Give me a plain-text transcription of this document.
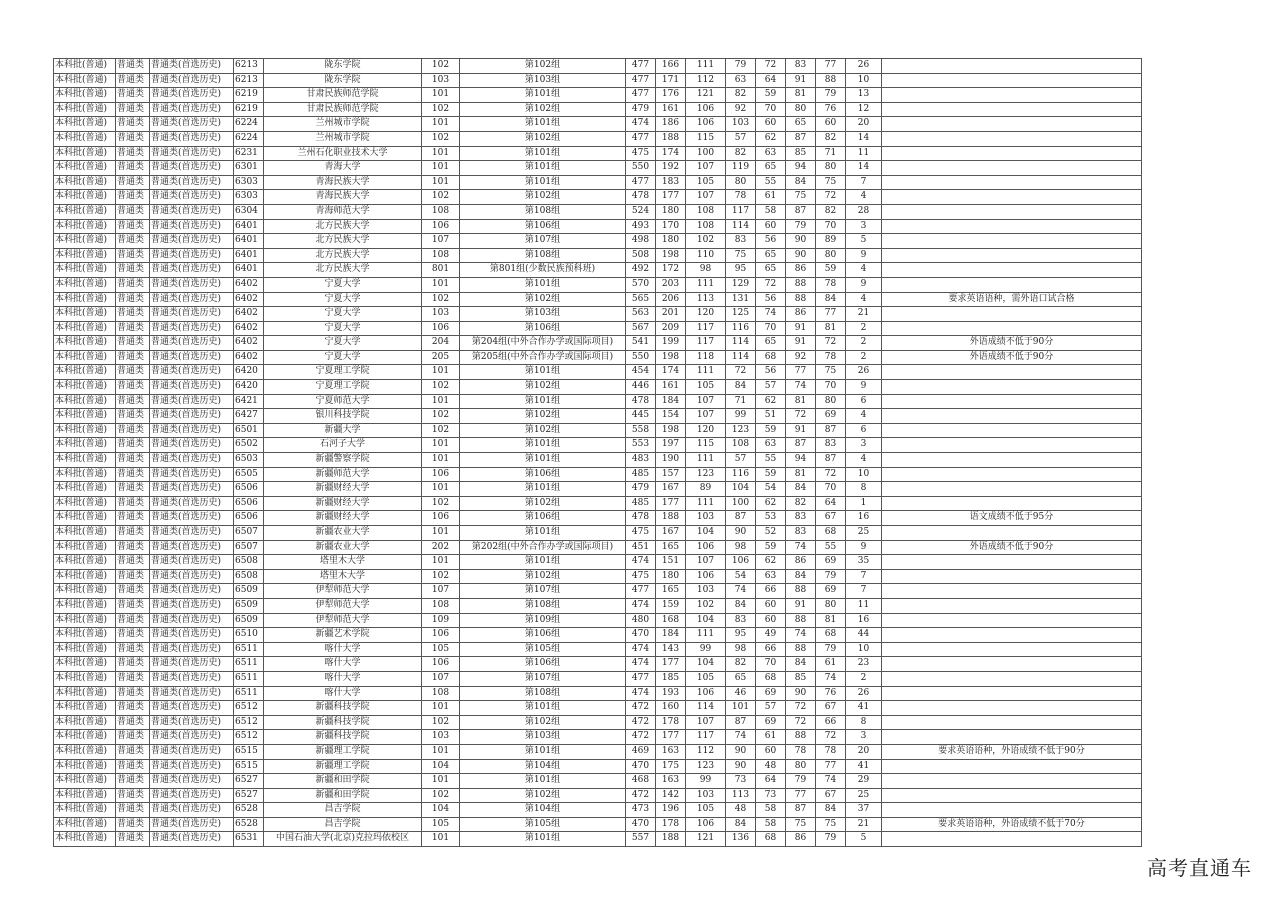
本科批(普通)	普通类	普通类(首选历史)	6213	陇东学院	102	第102组	477	166	111	79	72	83	77	26	
本科批(普通)	普通类	普通类(首选历史)	6213	陇东学院	103	第103组	477	171	112	63	64	91	88	10	
本科批(普通)	普通类	普通类(首选历史)	6219	甘肃民族师范学院	101	第101组	477	176	121	82	59	81	79	13	
本科批(普通)	普通类	普通类(首选历史)	6219	甘肃民族师范学院	102	第102组	479	161	106	92	70	80	76	12	
本科批(普通)	普通类	普通类(首选历史)	6224	兰州城市学院	101	第101组	474	186	106	103	60	65	60	20	
本科批(普通)	普通类	普通类(首选历史)	6224	兰州城市学院	102	第102组	477	188	115	57	62	87	82	14	
本科批(普通)	普通类	普通类(首选历史)	6231	兰州石化职业技术大学	101	第101组	475	174	100	82	63	85	71	11	
本科批(普通)	普通类	普通类(首选历史)	6301	青海大学	101	第101组	550	192	107	119	65	94	80	14	
本科批(普通)	普通类	普通类(首选历史)	6303	青海民族大学	101	第101组	477	183	105	80	55	84	75	7	
本科批(普通)	普通类	普通类(首选历史)	6303	青海民族大学	102	第102组	478	177	107	78	61	75	72	4	
本科批(普通)	普通类	普通类(首选历史)	6304	青海师范大学	108	第108组	524	180	108	117	58	87	82	28	
本科批(普通)	普通类	普通类(首选历史)	6401	北方民族大学	106	第106组	493	170	108	114	60	79	70	3	
本科批(普通)	普通类	普通类(首选历史)	6401	北方民族大学	107	第107组	498	180	102	83	56	90	89	5	
本科批(普通)	普通类	普通类(首选历史)	6401	北方民族大学	108	第108组	508	198	110	75	65	90	80	9	
本科批(普通)	普通类	普通类(首选历史)	6401	北方民族大学	801	第801组(少数民族预科班)	492	172	98	95	65	86	59	4	
本科批(普通)	普通类	普通类(首选历史)	6402	宁夏大学	101	第101组	570	203	111	129	72	88	78	9	
本科批(普通)	普通类	普通类(首选历史)	6402	宁夏大学	102	第102组	565	206	113	131	56	88	84	4	要求英语语种，需外语口试合格
本科批(普通)	普通类	普通类(首选历史)	6402	宁夏大学	103	第103组	563	201	120	125	74	86	77	21	
本科批(普通)	普通类	普通类(首选历史)	6402	宁夏大学	106	第106组	567	209	117	116	70	91	81	2	
本科批(普通)	普通类	普通类(首选历史)	6402	宁夏大学	204	第204组(中外合作办学或国际项目)	541	199	117	114	65	91	72	2	外语成绩不低于90分
本科批(普通)	普通类	普通类(首选历史)	6402	宁夏大学	205	第205组(中外合作办学或国际项目)	550	198	118	114	68	92	78	2	外语成绩不低于90分
本科批(普通)	普通类	普通类(首选历史)	6420	宁夏理工学院	101	第101组	454	174	111	72	56	77	75	26	
本科批(普通)	普通类	普通类(首选历史)	6420	宁夏理工学院	102	第102组	446	161	105	84	57	74	70	9	
本科批(普通)	普通类	普通类(首选历史)	6421	宁夏师范大学	101	第101组	478	184	107	71	62	81	80	6	
本科批(普通)	普通类	普通类(首选历史)	6427	银川科技学院	102	第102组	445	154	107	99	51	72	69	4	
本科批(普通)	普通类	普通类(首选历史)	6501	新疆大学	102	第102组	558	198	120	123	59	91	87	6	
本科批(普通)	普通类	普通类(首选历史)	6502	石河子大学	101	第101组	553	197	115	108	63	87	83	3	
本科批(普通)	普通类	普通类(首选历史)	6503	新疆警察学院	101	第101组	483	190	111	57	55	94	87	4	
本科批(普通)	普通类	普通类(首选历史)	6505	新疆师范大学	106	第106组	485	157	123	116	59	81	72	10	
本科批(普通)	普通类	普通类(首选历史)	6506	新疆财经大学	101	第101组	479	167	89	104	54	84	70	8	
本科批(普通)	普通类	普通类(首选历史)	6506	新疆财经大学	102	第102组	485	177	111	100	62	82	64	1	
本科批(普通)	普通类	普通类(首选历史)	6506	新疆财经大学	106	第106组	478	188	103	87	53	83	67	16	语文成绩不低于95分
本科批(普通)	普通类	普通类(首选历史)	6507	新疆农业大学	101	第101组	475	167	104	90	52	83	68	25	
本科批(普通)	普通类	普通类(首选历史)	6507	新疆农业大学	202	第202组(中外合作办学或国际项目)	451	165	106	98	59	74	55	9	外语成绩不低于90分
本科批(普通)	普通类	普通类(首选历史)	6508	塔里木大学	101	第101组	474	151	107	106	62	86	69	35	
本科批(普通)	普通类	普通类(首选历史)	6508	塔里木大学	102	第102组	475	180	106	54	63	84	79	7	
本科批(普通)	普通类	普通类(首选历史)	6509	伊犁师范大学	107	第107组	477	165	103	74	66	88	69	7	
本科批(普通)	普通类	普通类(首选历史)	6509	伊犁师范大学	108	第108组	474	159	102	84	60	91	80	11	
本科批(普通)	普通类	普通类(首选历史)	6509	伊犁师范大学	109	第109组	480	168	104	83	60	88	81	16	
本科批(普通)	普通类	普通类(首选历史)	6510	新疆艺术学院	106	第106组	470	184	111	95	49	74	68	44	
本科批(普通)	普通类	普通类(首选历史)	6511	喀什大学	105	第105组	474	143	99	98	66	88	79	10	
本科批(普通)	普通类	普通类(首选历史)	6511	喀什大学	106	第106组	474	177	104	82	70	84	61	23	
本科批(普通)	普通类	普通类(首选历史)	6511	喀什大学	107	第107组	477	185	105	65	68	85	74	2	
本科批(普通)	普通类	普通类(首选历史)	6511	喀什大学	108	第108组	474	193	106	46	69	90	76	26	
本科批(普通)	普通类	普通类(首选历史)	6512	新疆科技学院	101	第101组	472	160	114	101	57	72	67	41	
本科批(普通)	普通类	普通类(首选历史)	6512	新疆科技学院	102	第102组	472	178	107	87	69	72	66	8	
本科批(普通)	普通类	普通类(首选历史)	6512	新疆科技学院	103	第103组	472	177	117	74	61	88	72	3	
本科批(普通)	普通类	普通类(首选历史)	6515	新疆理工学院	101	第101组	469	163	112	90	60	78	78	20	要求英语语种，外语成绩不低于90分
本科批(普通)	普通类	普通类(首选历史)	6515	新疆理工学院	104	第104组	470	175	123	90	48	80	77	41	
本科批(普通)	普通类	普通类(首选历史)	6527	新疆和田学院	101	第101组	468	163	99	73	64	79	74	29	
本科批(普通)	普通类	普通类(首选历史)	6527	新疆和田学院	102	第102组	472	142	103	113	73	77	67	25	
本科批(普通)	普通类	普通类(首选历史)	6528	昌吉学院	104	第104组	473	196	105	48	58	87	84	37	
本科批(普通)	普通类	普通类(首选历史)	6528	昌吉学院	105	第105组	470	178	106	84	58	75	75	21	要求英语语种，外语成绩不低于70分
本科批(普通)	普通类	普通类(首选历史)	6531	中国石油大学(北京)克拉玛依校区	101	第101组	557	188	121	136	68	86	79	5	
高考直通车
